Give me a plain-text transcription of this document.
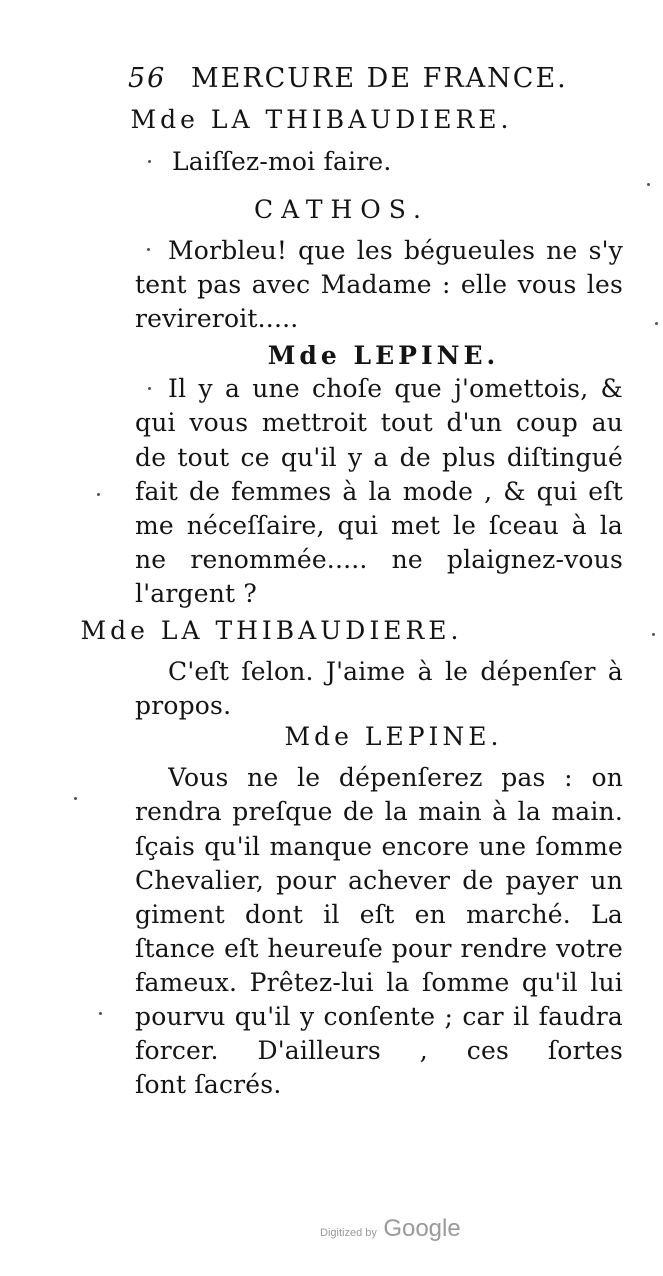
56 MERCURE DE FRANCE.
Mde LA THIBAUDIERE.
Laiſſez-moi faire.
CATHOS.
Morbleu! que les bégueules ne s'y
tent pas avec Madame : elle vous les
revireroit.....
Mde LEPINE.
Il y a une choſe que j'omettois, &
qui vous mettroit tout d'un coup au
de tout ce qu'il y a de plus diſtingué
fait de femmes à la mode , & qui eſt
me néceſſaire, qui met le ſceau à la
ne renommée..... ne plaignez-vous
l'argent ?
Mde LA THIBAUDIERE.
C'eſt ſelon. J'aime à le dépenſer à
propos.
Mde LEPINE.
Vous ne le dépenſerez pas : on
rendra preſque de la main à la main.
ſçais qu'il manque encore une ſomme
Chevalier, pour achever de payer un
giment dont il eſt en marché. La
ſtance eſt heureuſe pour rendre votre
fameux. Prêtez-lui la ſomme qu'il lui
pourvu qu'il y conſente ; car il faudra
forcer. D'ailleurs , ces ſortes
ſont ſacrés.
Digitized by Google
